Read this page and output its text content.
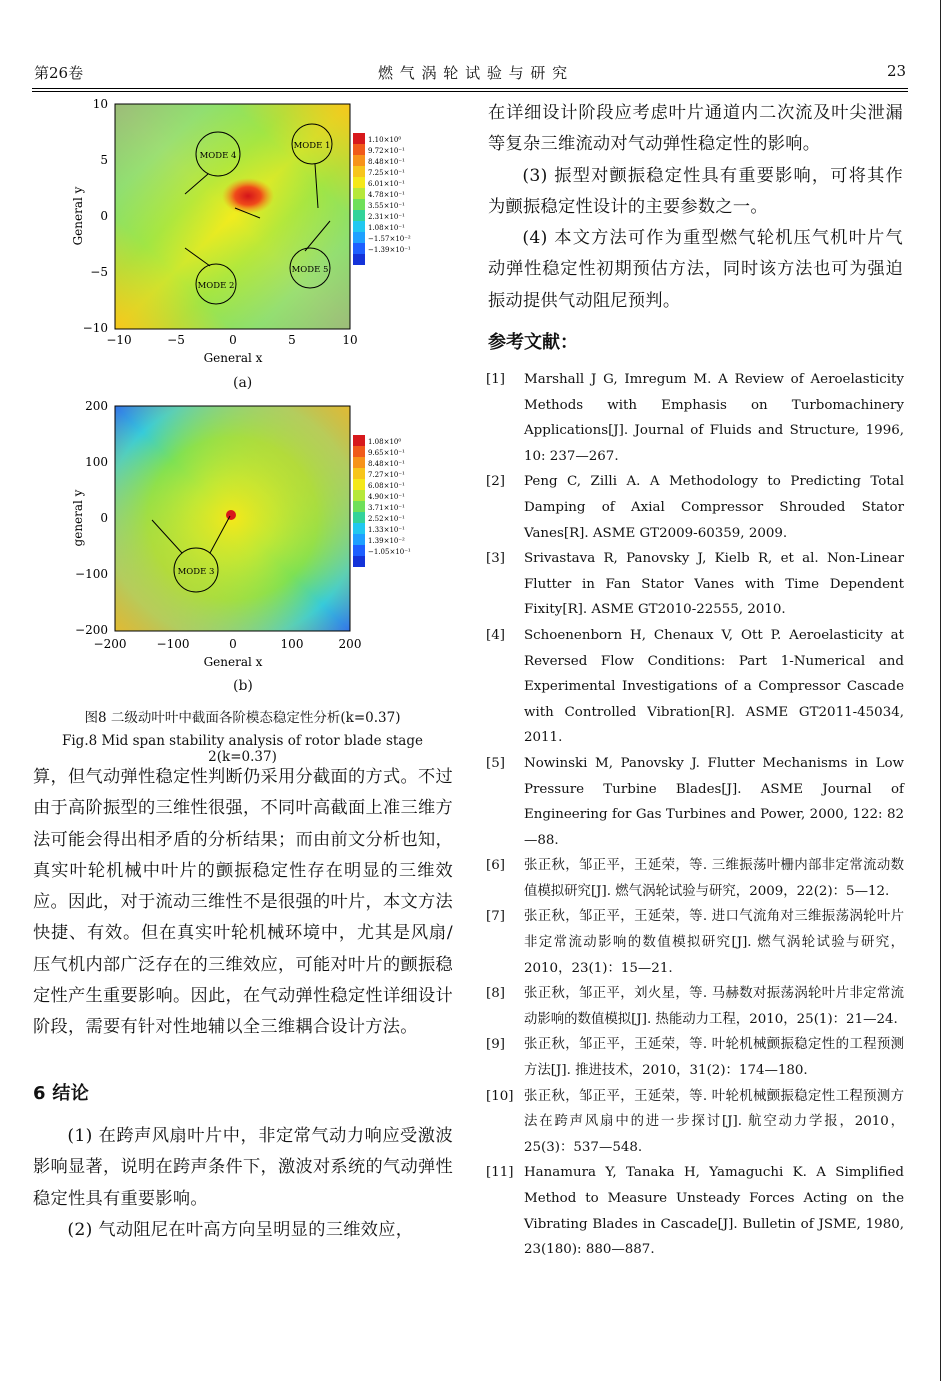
第26卷	燃 气 涡 轮 试 验 与 研 究	23
10
5
0
−5
−10
−10	−5	0	5	10
General x
General y
MODE 4
MODE 1
MODE 5
MODE 2
1.10×10⁰
9.72×10⁻¹
8.48×10⁻¹
7.25×10⁻¹
6.01×10⁻¹
4.78×10⁻¹
3.55×10⁻¹
2.31×10⁻¹
1.08×10⁻¹
−1.57×10⁻²
−1.39×10⁻¹
(a)
200
100
0
−100
−200
−200	−100	0	100	200
General x
general y
MODE 3
1.08×10⁰
9.65×10⁻¹
8.48×10⁻¹
7.27×10⁻¹
6.08×10⁻¹
4.90×10⁻¹
3.71×10⁻¹
2.52×10⁻¹
1.33×10⁻¹
1.39×10⁻²
−1.05×10⁻¹
(b)
图8 二级动叶叶中截面各阶模态稳定性分析(k=0.37)
Fig.8 Mid span stability analysis of rotor blade stage 2(k=0.37)

算，但气动弹性稳定性判断仍采用分截面的方式。不过由于高阶振型的三维性很强，不同叶高截面上准三维方法可能会得出相矛盾的分析结果；而由前文分析也知，真实叶轮机械中叶片的颤振稳定性存在明显的三维效应。因此，对于流动三维性不是很强的叶片，本文方法快捷、有效。但在真实叶轮机械环境中，尤其是风扇/压气机内部广泛存在的三维效应，可能对叶片的颤振稳定性产生重要影响。因此，在气动弹性稳定性详细设计阶段，需要有针对性地辅以全三维耦合设计方法。

6 结论

(1) 在跨声风扇叶片中，非定常气动力响应受激波影响显著，说明在跨声条件下，激波对系统的气动弹性稳定性具有重要影响。

(2) 气动阻尼在叶高方向呈明显的三维效应，

在详细设计阶段应考虑叶片通道内二次流及叶尖泄漏等复杂三维流动对气动弹性稳定性的影响。

(3) 振型对颤振稳定性具有重要影响，可将其作为颤振稳定性设计的主要参数之一。

(4) 本文方法可作为重型燃气轮机压气机叶片气动弹性稳定性初期预估方法，同时该方法也可为强迫振动提供气动阻尼预判。

参考文献：
[1]	Marshall J G, Imregum M. A Review of Aeroelasticity Methods with Emphasis on Turbomachinery Applications[J]. Journal of Fluids and Structure, 1996, 10: 237—267.
[2]	Peng C, Zilli A. A Methodology to Predicting Total Damping of Axial Compressor Shrouded Stator Vanes[R]. ASME GT2009-60359, 2009.
[3]	Srivastava R, Panovsky J, Kielb R, et al. Non-Linear Flutter in Fan Stator Vanes with Time Dependent Fixity[R]. ASME GT2010-22555, 2010.
[4]	Schoenenborn H, Chenaux V, Ott P. Aeroelasticity at Reversed Flow Conditions: Part 1-Numerical and Experimental Investigations of a Compressor Cascade with Controlled Vibration[R]. ASME GT2011-45034, 2011.
[5]	Nowinski M, Panovsky J. Flutter Mechanisms in Low Pressure Turbine Blades[J]. ASME Journal of Engineering for Gas Turbines and Power, 2000, 122: 82—88.
[6]	张正秋，邹正平，王延荣，等. 三维振荡叶栅内部非定常流动数值模拟研究[J]. 燃气涡轮试验与研究，2009，22(2)：5—12.
[7]	张正秋，邹正平，王延荣，等. 进口气流角对三维振荡涡轮叶片非定常流动影响的数值模拟研究[J]. 燃气涡轮试验与研究，2010，23(1)：15—21.
[8]	张正秋，邹正平，刘火星，等. 马赫数对振荡涡轮叶片非定常流动影响的数值模拟[J]. 热能动力工程，2010，25(1)：21—24.
[9]	张正秋，邹正平，王延荣，等. 叶轮机械颤振稳定性的工程预测方法[J]. 推进技术，2010，31(2)：174—180.
[10] 张正秋，邹正平，王延荣，等. 叶轮机械颤振稳定性工程预测方法在跨声风扇中的进一步探讨[J]. 航空动力学报，2010，25(3)：537—548.
[11] Hanamura Y, Tanaka H, Yamaguchi K. A Simplified Method to Measure Unsteady Forces Acting on the Vibrating Blades in Cascade[J]. Bulletin of JSME, 1980, 23(180): 880—887.
